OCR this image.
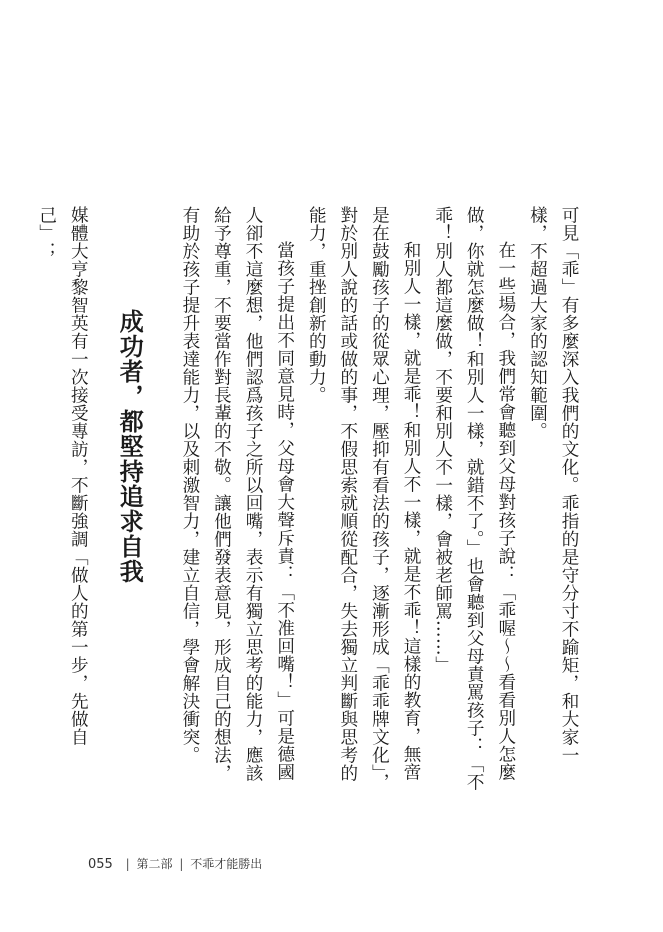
可見「乖」有多麼深入我們的文化。乖指的是守分寸不踰矩，和大家一樣，不超過大家的認知範圍。

在一些場合，我們常會聽到父母對孩子說：「乖喔～～看看別人怎麼做，你就怎麼做！和別人一樣，就錯不了。」也會聽到父母責罵孩子：「不乖！別人都這麼做，不要和別人不一樣，會被老師罵……」

和別人一樣，就是乖！和別人不一樣，就是不乖！這樣的教育，無啻是在鼓勵孩子的從眾心理，壓抑有看法的孩子，逐漸形成「乖乖牌文化」，對於別人說的話或做的事，不假思索就順從配合，失去獨立判斷與思考的能力，重挫創新的動力。

當孩子提出不同意見時，父母會大聲斥責：「不准回嘴！」可是德國人卻不這麼想，他們認爲孩子之所以回嘴，表示有獨立思考的能力，應該給予尊重，不要當作對長輩的不敬。讓他們發表意見，形成自己的想法，有助於孩子提升表達能力，以及刺激智力，建立自信，學會解決衝突。

成功者，都堅持追求自我

媒體大亨黎智英有一次接受專訪，不斷強調「做人的第一步，先做自己」；

055 | 第二部 | 不乖才能勝出
